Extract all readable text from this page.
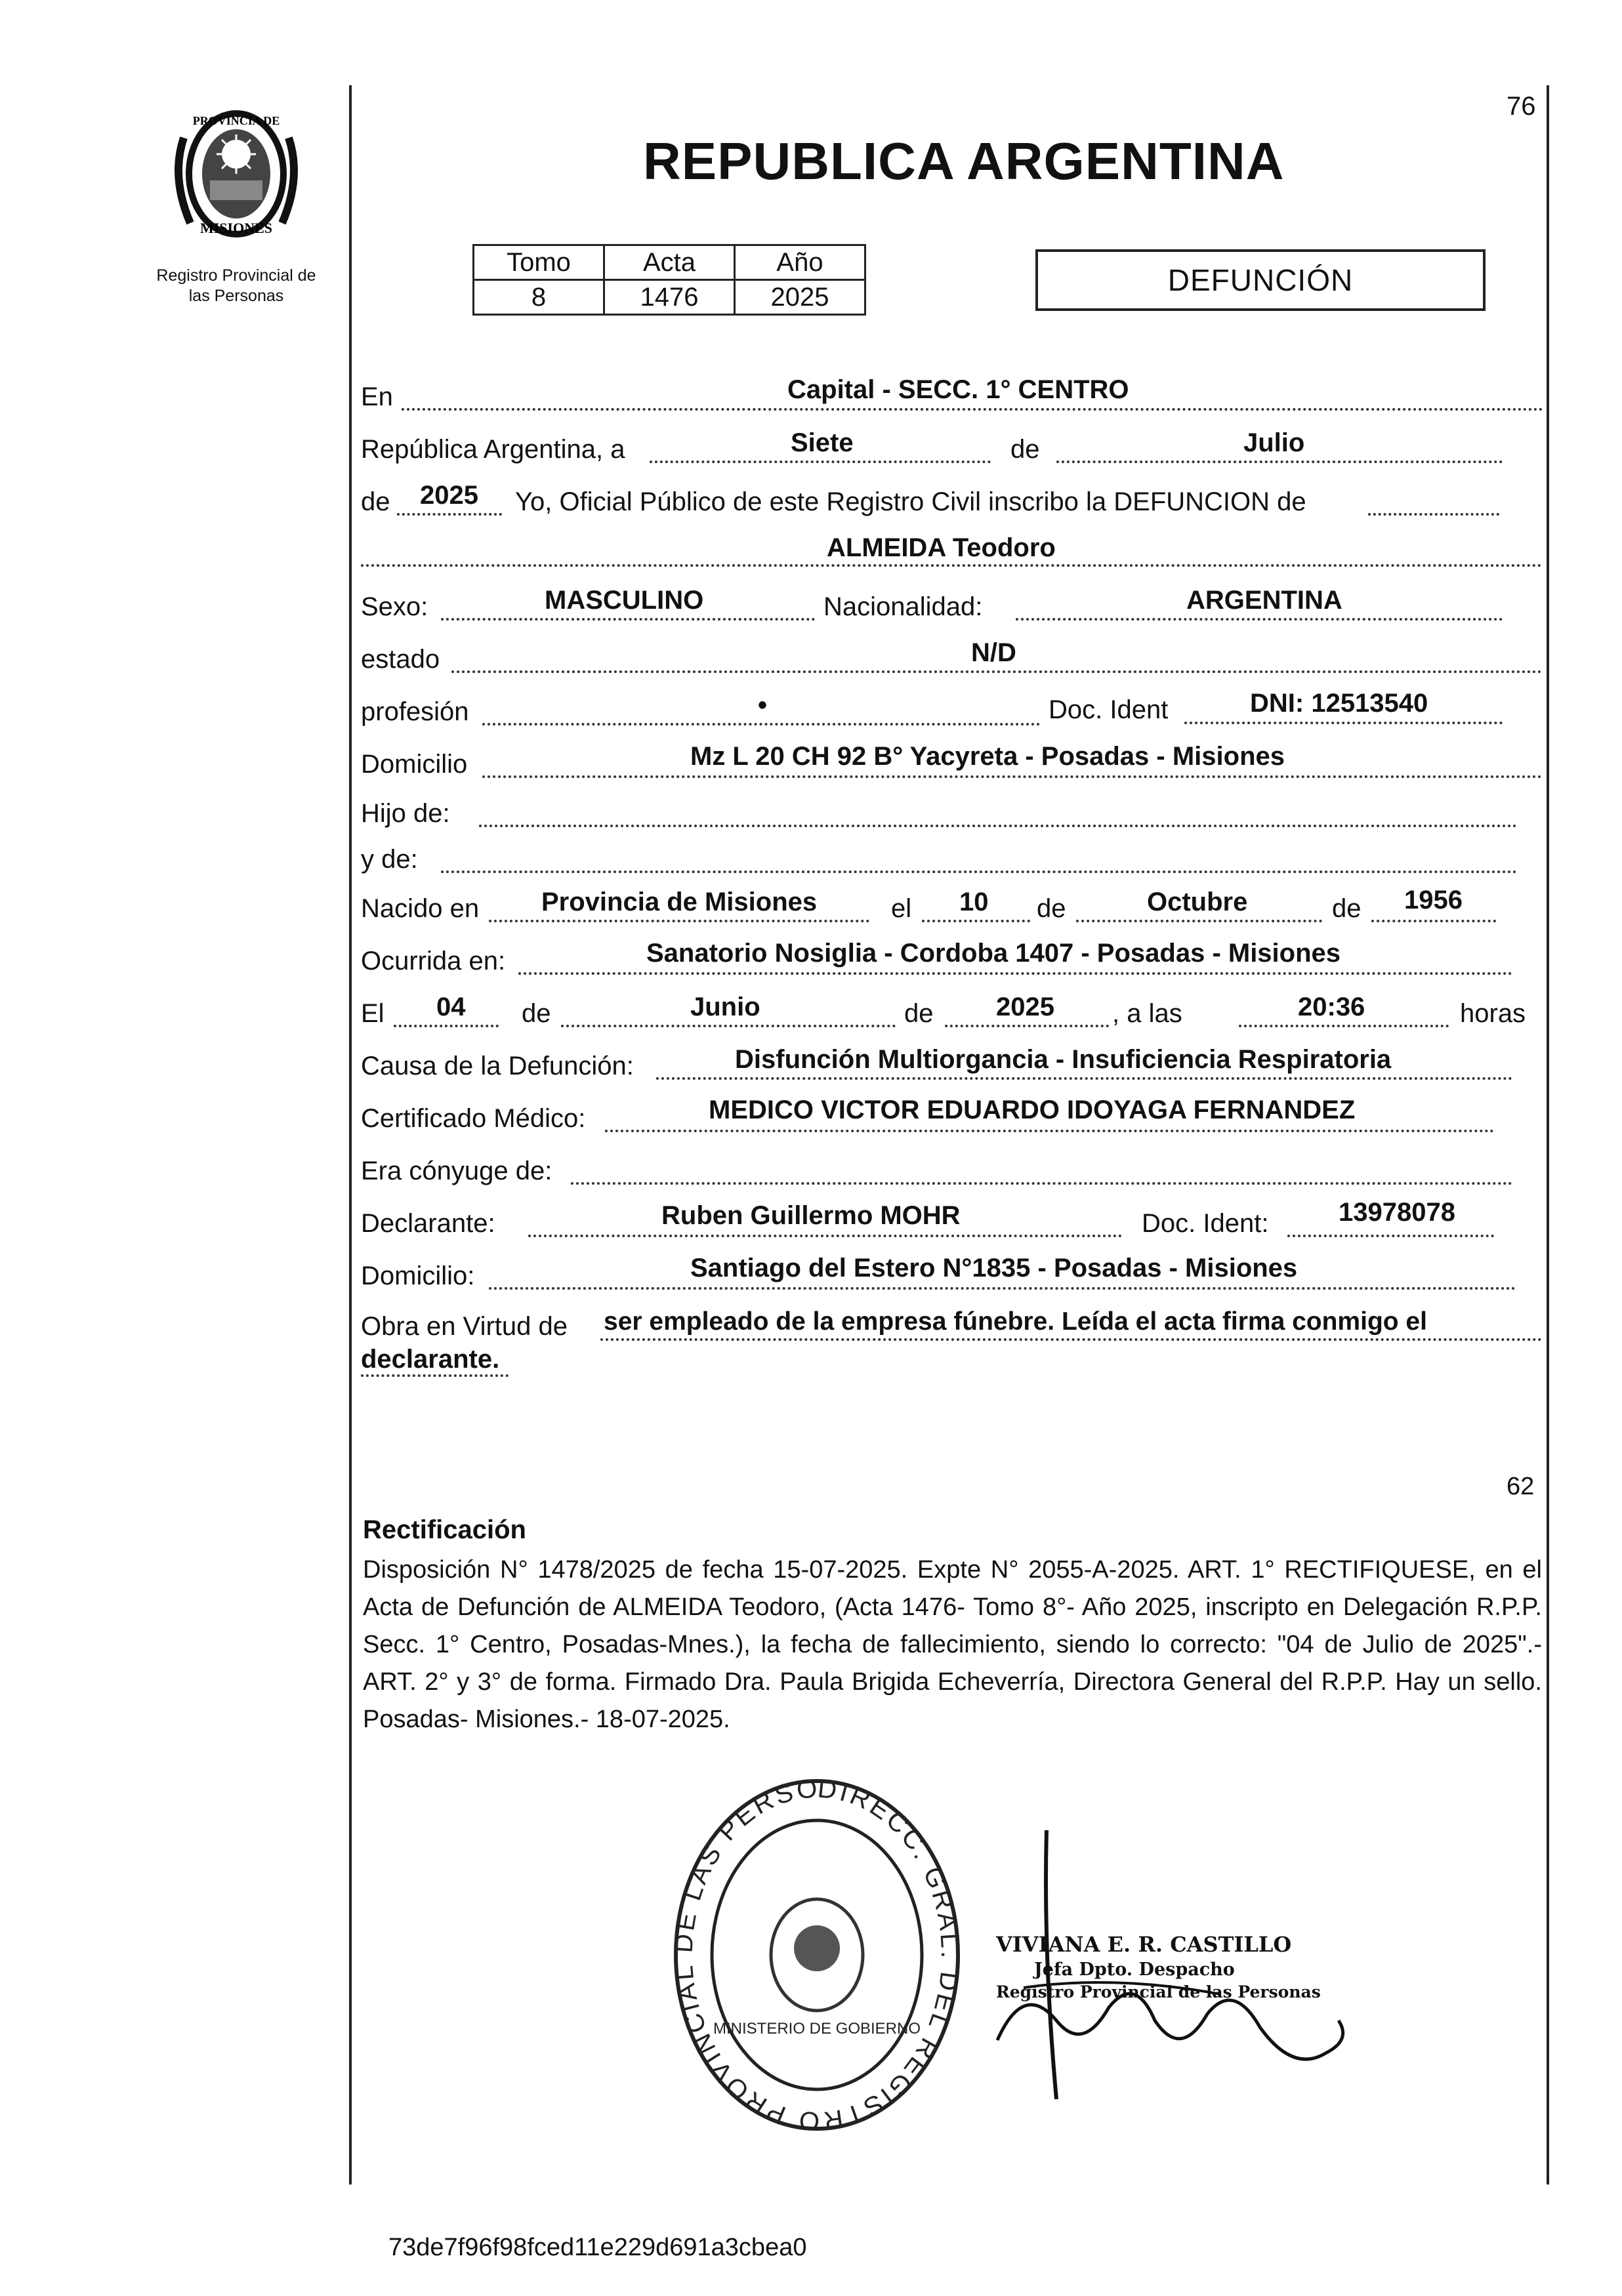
76
PROVINCIA DE
MISIONES
Registro Provincial de
las Personas
REPUBLICA ARGENTINA
Tomo	Acta	Año
8	1476	2025	DEFUNCIÓN
En	Capital - SECC. 1° CENTRO
República Argentina, a	Siete	de	Julio
de 2025 Yo, Oficial Público de este Registro Civil inscribo la DEFUNCION de
ALMEIDA Teodoro
Sexo:	MASCULINO	Nacionalidad:	ARGENTINA
estado	N/D
profesión	•	Doc. Ident	DNI: 12513540
Domicilio	Mz L 20 CH 92 B° Yacyreta - Posadas - Misiones
Hijo de:
y de:
Nacido en Provincia de Misiones	el 10 de	Octubre	de 1956
Ocurrida en:	Sanatorio Nosiglia - Cordoba 1407 - Posadas - Misiones
El 04 de	Junio	de 2025 , a las	20:36	horas
Causa de la Defunción:	Disfunción Multiorgancia - Insuficiencia Respiratoria
Certificado Médico:	MEDICO VICTOR EDUARDO IDOYAGA FERNANDEZ
Era cónyuge de:
Declarante:	Ruben Guillermo MOHR	Doc. Ident:	13978078
Domicilio:	Santiago del Estero N°1835 - Posadas - Misiones
Obra en Virtud de ser empleado de la empresa fúnebre. Leída el acta firma conmigo el
declarante.
62
Rectificación
Disposición N° 1478/2025 de fecha 15-07-2025. Expte N° 2055-A-2025. ART. 1° RECTIFIQUESE, en el Acta de Defunción de ALMEIDA Teodoro, (Acta 1476- Tomo 8°- Año 2025, inscripto en Delegación R.P.P. Secc. 1° Centro, Posadas-Mnes.), la fecha de fallecimiento, siendo lo correcto: "04 de Julio de 2025".- ART. 2° y 3° de forma. Firmado Dra. Paula Brigida Echeverría, Directora General del R.P.P. Hay un sello. Posadas- Misiones.- 18-07-2025.
DIRECC. GRAL. DEL REGISTRO PROVINCIAL DE LAS PERSO
MINISTERIO DE GOBIERNO
VIVIANA E. R. CASTILLO
Jefa Dpto. Despacho
Registro Provincial de las Personas
73de7f96f98fced11e229d691a3cbea0
